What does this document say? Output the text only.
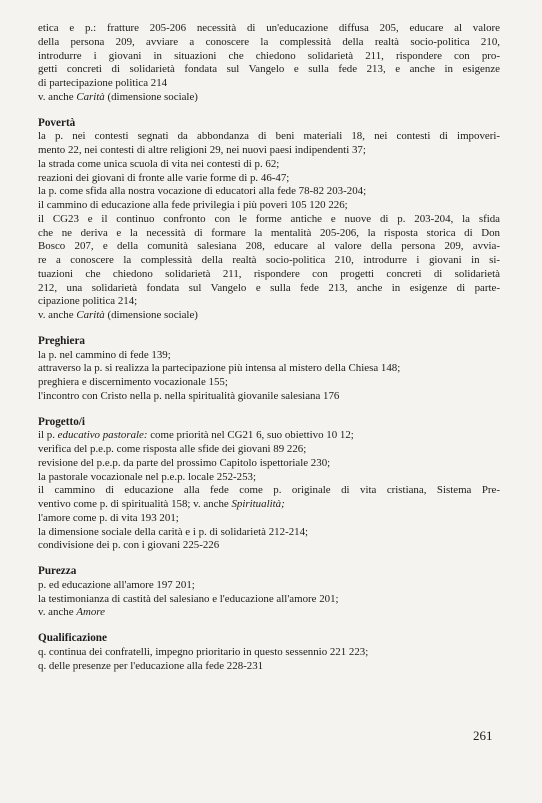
etica e p.: fratture 205-206 necessità di un'educazione diffusa 205, educare al valore
della persona 209, avviare a conoscere la complessità della realtà socio-politica 210,
introdurre i giovani in situazioni che chiedono solidarietà 211, rispondere con pro-
getti concreti di solidarietà fondata sul Vangelo e sulla fede 213, e anche in esigenze
di partecipazione politica 214
v. anche Carità (dimensione sociale)
Povertà
la p. nei contesti segnati da abbondanza di beni materiali 18, nei contesti di impoveri-
mento 22, nei contesti di altre religioni 29, nei nuovi paesi indipendenti 37;
la strada come unica scuola di vita nei contesti di p. 62;
reazioni dei giovani di fronte alle varie forme di p. 46-47;
la p. come sfida alla nostra vocazione di educatori alla fede 78-82 203-204;
il cammino di educazione alla fede privilegia i più poveri 105 120 226;
il CG23 e il continuo confronto con le forme antiche e nuove di p. 203-204, la sfida
che ne deriva e la necessità di formare la mentalità 205-206, la risposta storica di Don
Bosco 207, e della comunità salesiana 208, educare al valore della persona 209, avvia-
re a conoscere la complessità della realtà socio-politica 210, introdurre i giovani in si-
tuazioni che chiedono solidarietà 211, rispondere con progetti concreti di solidarietà
212, una solidarietà fondata sul Vangelo e sulla fede 213, anche in esigenze di parte-
cipazione politica 214;
v. anche Carità (dimensione sociale)
Preghiera
la p. nel cammino di fede 139;
attraverso la p. si realizza la partecipazione più intensa al mistero della Chiesa 148;
preghiera e discernimento vocazionale 155;
l'incontro con Cristo nella p. nella spiritualità giovanile salesiana 176
Progetto/i
il p. educativo pastorale: come priorità nel CG21 6, suo obiettivo 10 12;
verifica del p.e.p. come risposta alle sfide dei giovani 89 226;
revisione del p.e.p. da parte del prossimo Capitolo ispettoriale 230;
la pastorale vocazionale nel p.e.p. locale 252-253;
il cammino di educazione alla fede come p. originale di vita cristiana, Sistema Pre-
ventivo come p. di spiritualità 158; v. anche Spiritualità;
l'amore come p. di vita 193 201;
la dimensione sociale della carità e i p. di solidarietà 212-214;
condivisione dei p. con i giovani 225-226
Purezza
p. ed educazione all'amore 197 201;
la testimonianza di castità del salesiano e l'educazione all'amore 201;
v. anche Amore
Qualificazione
q. continua dei confratelli, impegno prioritario in questo sessennio 221 223;
q. delle presenze per l'educazione alla fede 228-231
261
